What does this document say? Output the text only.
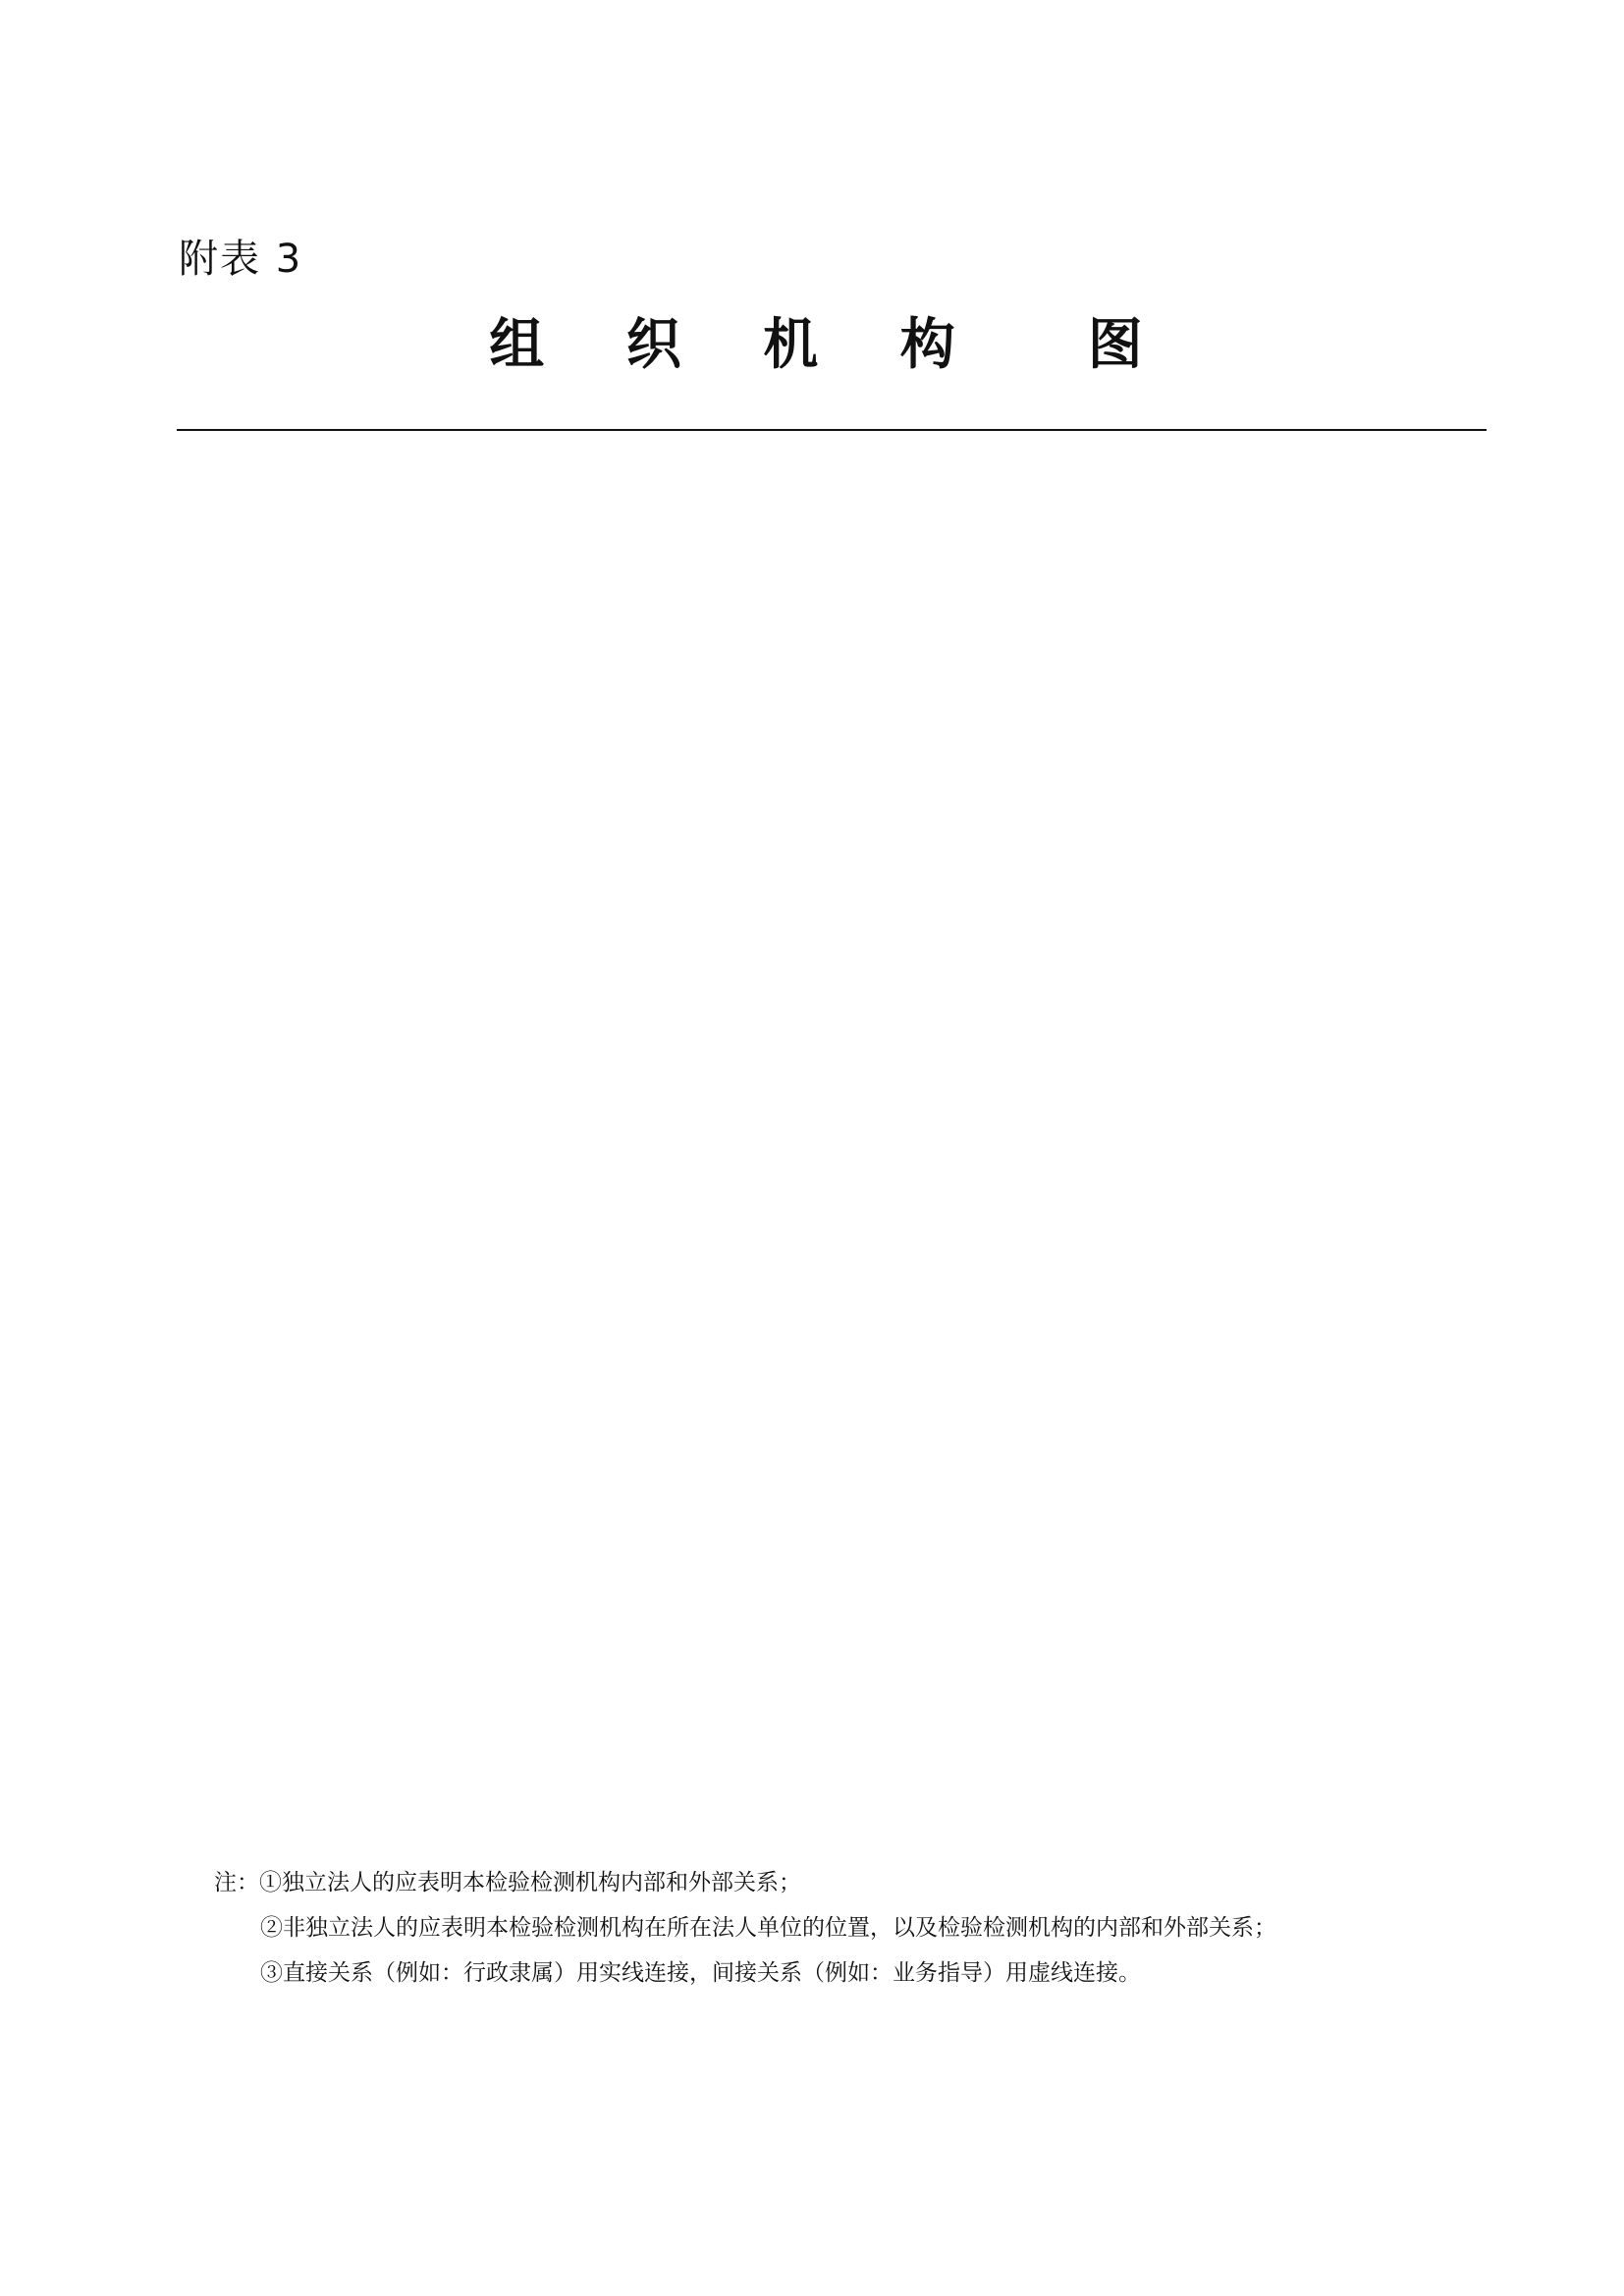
附表 3
组 织 机 构  图
注：①独立法人的应表明本检验检测机构内部和外部关系；
②非独立法人的应表明本检验检测机构在所在法人单位的位置，以及检验检测机构的内部和外部关系；
③直接关系（例如：行政隶属）用实线连接，间接关系（例如：业务指导）用虚线连接。
